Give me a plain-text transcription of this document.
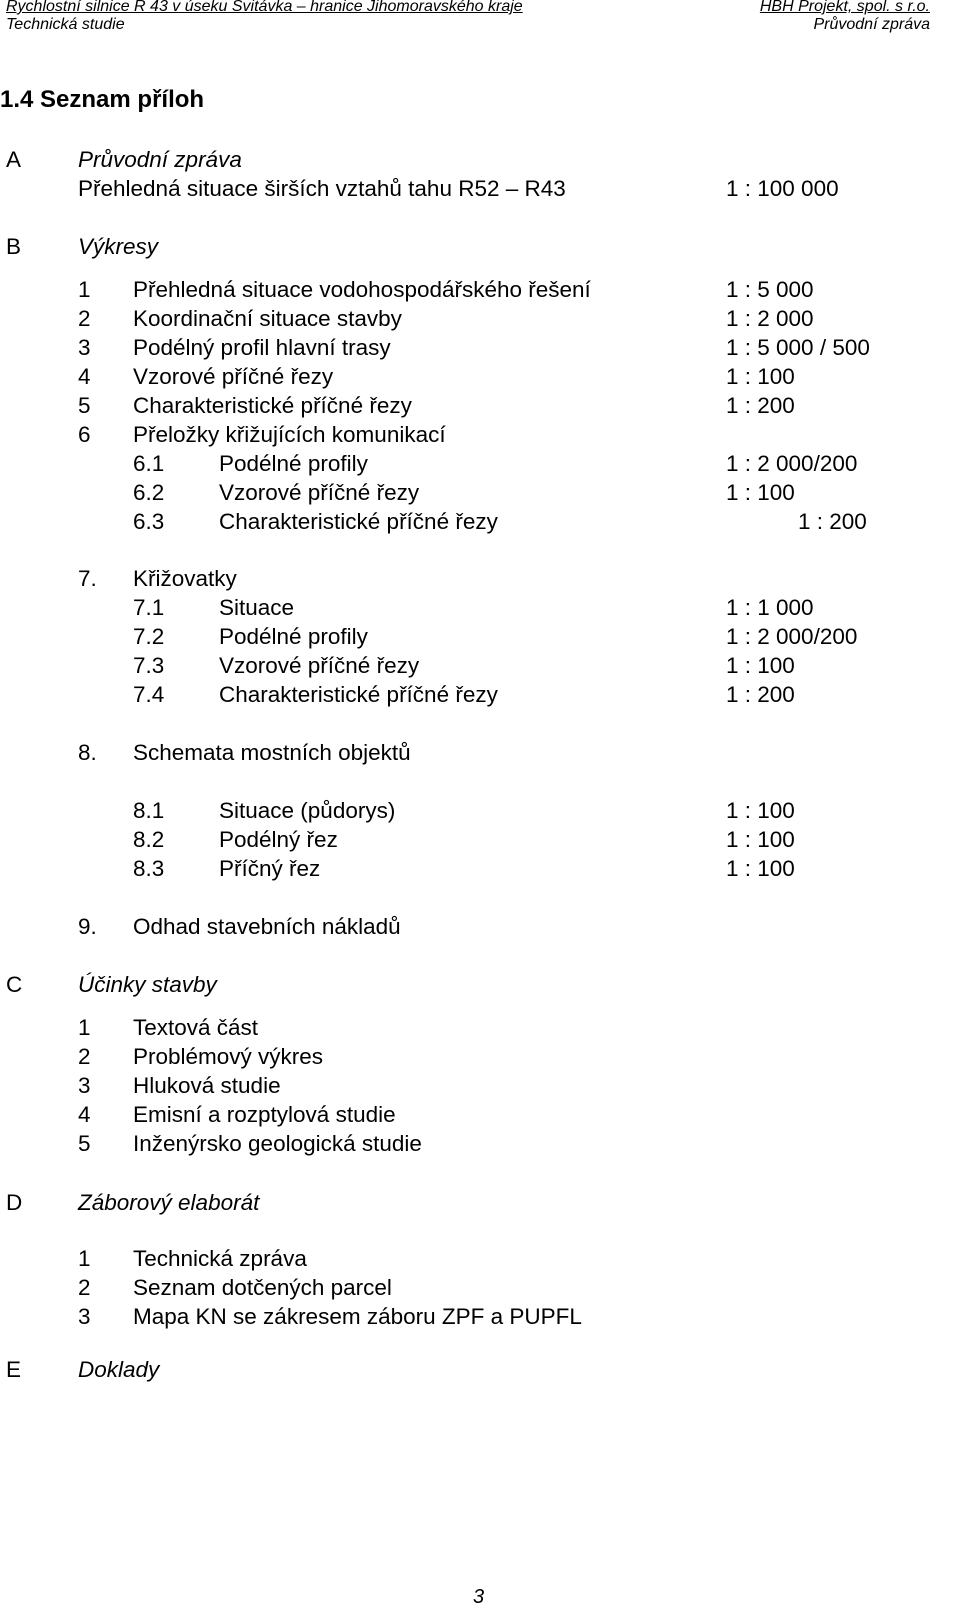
Rychlostní silnice R 43 v úseku Svitávka – hranice Jihomoravského kraje
Technická studie
HBH Projekt, spol. s r.o.
Průvodní zpráva
1.4 Seznam příloh
A	Průvodní zpráva
Přehledná situace širších vztahů tahu R52 – R43	1 : 100 000
B	Výkresy
1 Přehledná situace vodohospodářského řešení	1 : 5 000
2 Koordinační situace stavby	1 : 2 000
3 Podélný profil hlavní trasy	1 : 5 000 / 500
4 Vzorové příčné řezy	1 : 100
5 Charakteristické příčné řezy	1 : 200
6 Přeložky křižujících komunikací
6.1 Podélné profily	1 : 2 000/200
6.2 Vzorové příčné řezy	1 : 100
6.3 Charakteristické příčné řezy	1 : 200
7. Křižovatky
7.1 Situace	1 : 1 000
7.2 Podélné profily	1 : 2 000/200
7.3 Vzorové příčné řezy	1 : 100
7.4 Charakteristické příčné řezy	1 : 200
8. Schemata mostních objektů
8.1 Situace (půdorys)	1 : 100
8.2 Podélný řez	1 : 100
8.3 Příčný řez	1 : 100
9. Odhad stavebních nákladů
C Účinky stavby
1 Textová část
2 Problémový výkres
3 Hluková studie
4 Emisní a rozptylová studie
5 Inženýrsko geologická studie
D Záborový elaborát
1 Technická zpráva
2 Seznam dotčených parcel
3 Mapa KN se zákresem záboru ZPF a PUPFL
E	Doklady
3
